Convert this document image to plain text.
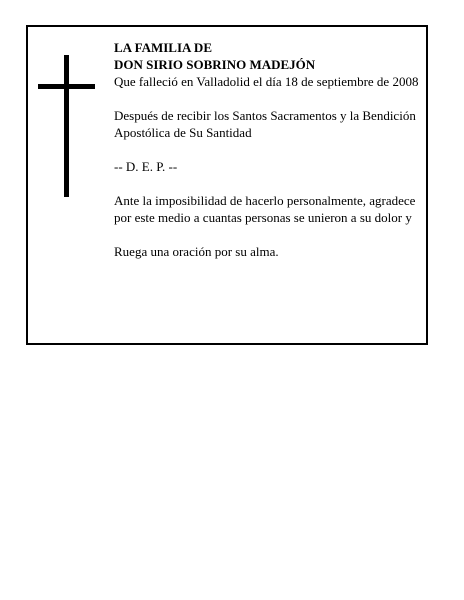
LA FAMILIA DE

DON SIRIO SOBRINO MADEJÓN

Que falleció en Valladolid el día 18 de septiembre de 2008

Después de recibir los Santos Sacramentos y la Bendición Apostólica de Su Santidad

-- D. E. P. --

Ante la imposibilidad de hacerlo personalmente, agradece por este medio a cuantas personas se unieron a su dolor y

Ruega una oración por su alma.
